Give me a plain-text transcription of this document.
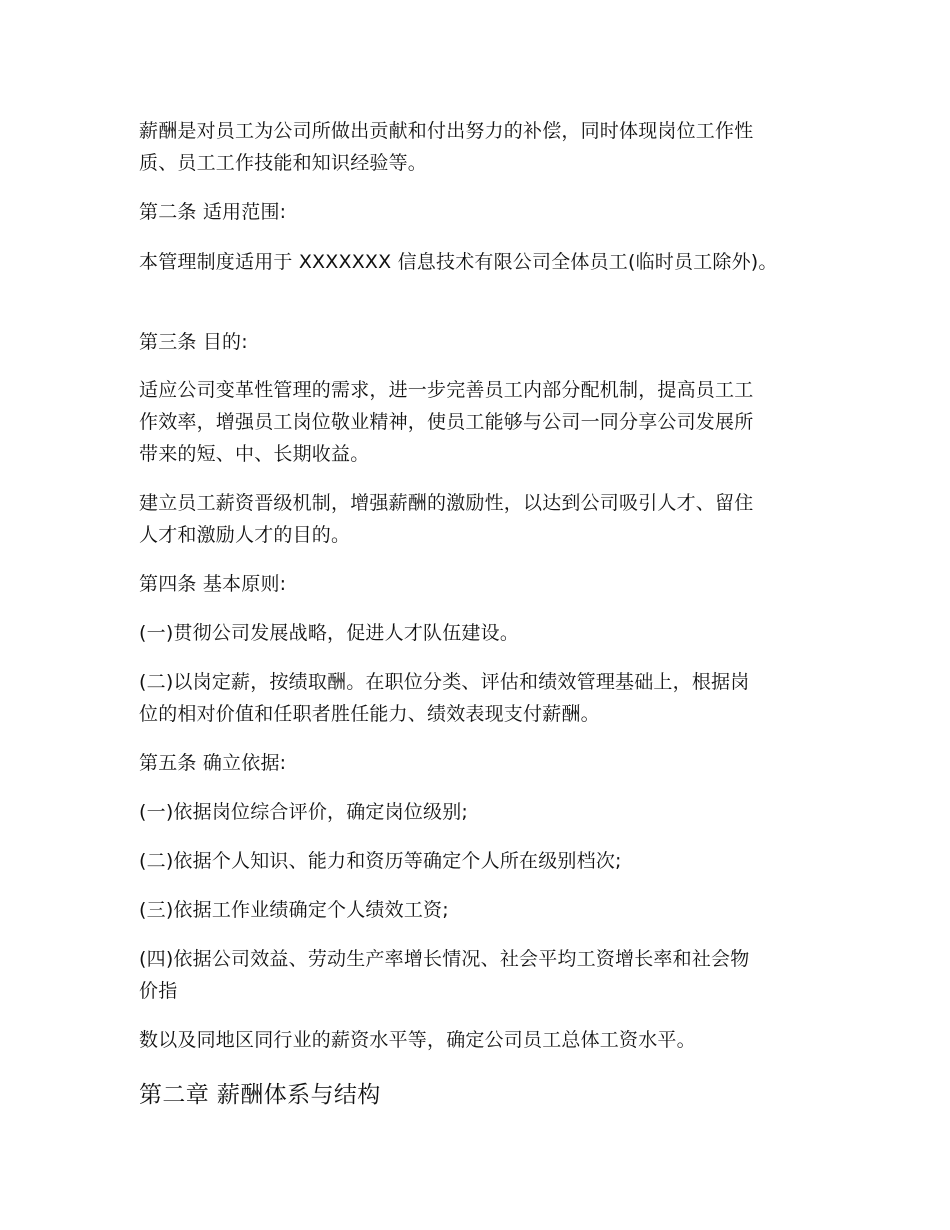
薪酬是对员工为公司所做出贡献和付出努力的补偿，同时体现岗位工作性
质、员工工作技能和知识经验等。
第二条 适用范围:
本管理制度适用于 XXXXXXX 信息技术有限公司全体员工(临时员工除外)。
第三条 目的:
适应公司变革性管理的需求，进一步完善员工内部分配机制，提高员工工
作效率，增强员工岗位敬业精神，使员工能够与公司一同分享公司发展所
带来的短、中、长期收益。
建立员工薪资晋级机制，增强薪酬的激励性，以达到公司吸引人才、留住
人才和激励人才的目的。
第四条 基本原则:
(一)贯彻公司发展战略，促进人才队伍建设。
(二)以岗定薪，按绩取酬。在职位分类、评估和绩效管理基础上，根据岗
位的相对价值和任职者胜任能力、绩效表现支付薪酬。
第五条 确立依据:
(一)依据岗位综合评价，确定岗位级别;
(二)依据个人知识、能力和资历等确定个人所在级别档次;
(三)依据工作业绩确定个人绩效工资;
(四)依据公司效益、劳动生产率增长情况、社会平均工资增长率和社会物
价指
数以及同地区同行业的薪资水平等，确定公司员工总体工资水平。
第二章 薪酬体系与结构
